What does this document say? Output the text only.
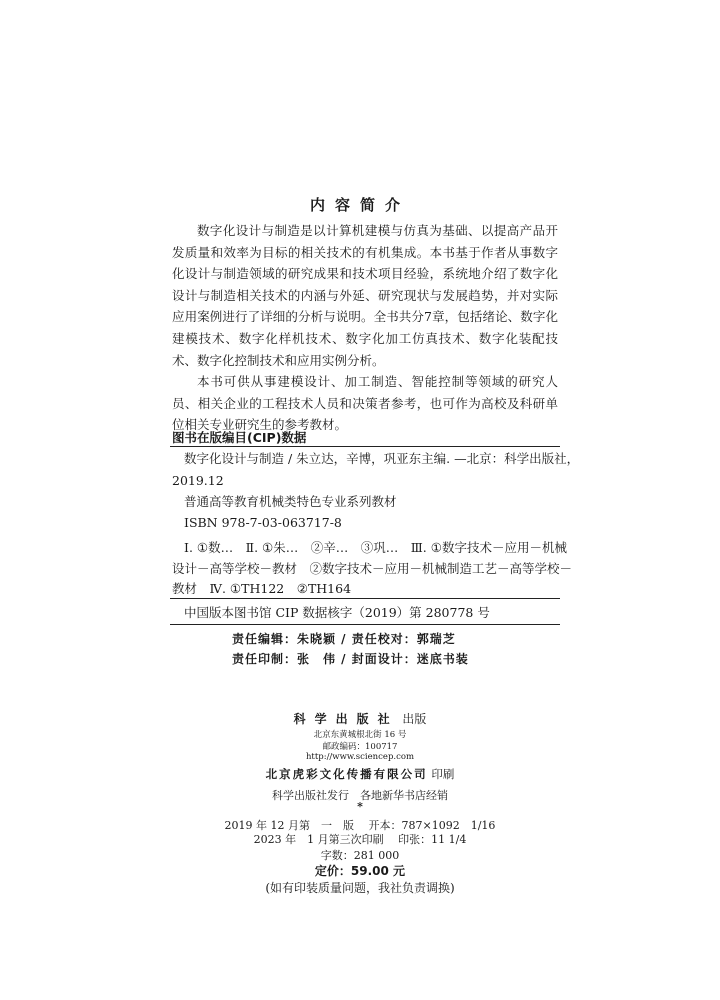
内容简介

数字化设计与制造是以计算机建模与仿真为基础、以提高产品开发质量和效率为目标的相关技术的有机集成。本书基于作者从事数字化设计与制造领域的研究成果和技术项目经验，系统地介绍了数字化设计与制造相关技术的内涵与外延、研究现状与发展趋势，并对实际应用案例进行了详细的分析与说明。全书共分7章，包括绪论、数字化建模技术、数字化样机技术、数字化加工仿真技术、数字化装配技术、数字化控制技术和应用实例分析。

本书可供从事建模设计、加工制造、智能控制等领域的研究人员、相关企业的工程技术人员和决策者参考，也可作为高校及科研单位相关专业研究生的参考教材。

图书在版编目(CIP)数据
数字化设计与制造 / 朱立达，辛博，巩亚东主编. —北京：科学出版社，
2019.12
普通高等教育机械类特色专业系列教材
ISBN 978-7-03-063717-8
Ⅰ. ①数…　Ⅱ. ①朱…　②辛…　③巩…　Ⅲ. ①数字技术－应用－机械
设计－高等学校－教材　②数字技术－应用－机械制造工艺－高等学校－
教材　Ⅳ. ①TH122　②TH164
中国版本图书馆 CIP 数据核字（2019）第 280778 号
责任编辑：朱晓颖 / 责任校对：郭瑞芝
责任印制：张　伟 / 封面设计：迷底书装
科学出版社 出版
北京东黄城根北街 16 号
邮政编码：100717
http://www.sciencep.com
北京虎彩文化传播有限公司 印刷
科学出版社发行　各地新华书店经销
*
2019 年 12 月第　一　版　 开本：787×1092　1/16
2023 年　1 月第三次印刷　 印张：11 1/4
字数：281 000
定价：59.00 元
(如有印装质量问题，我社负责调换)
